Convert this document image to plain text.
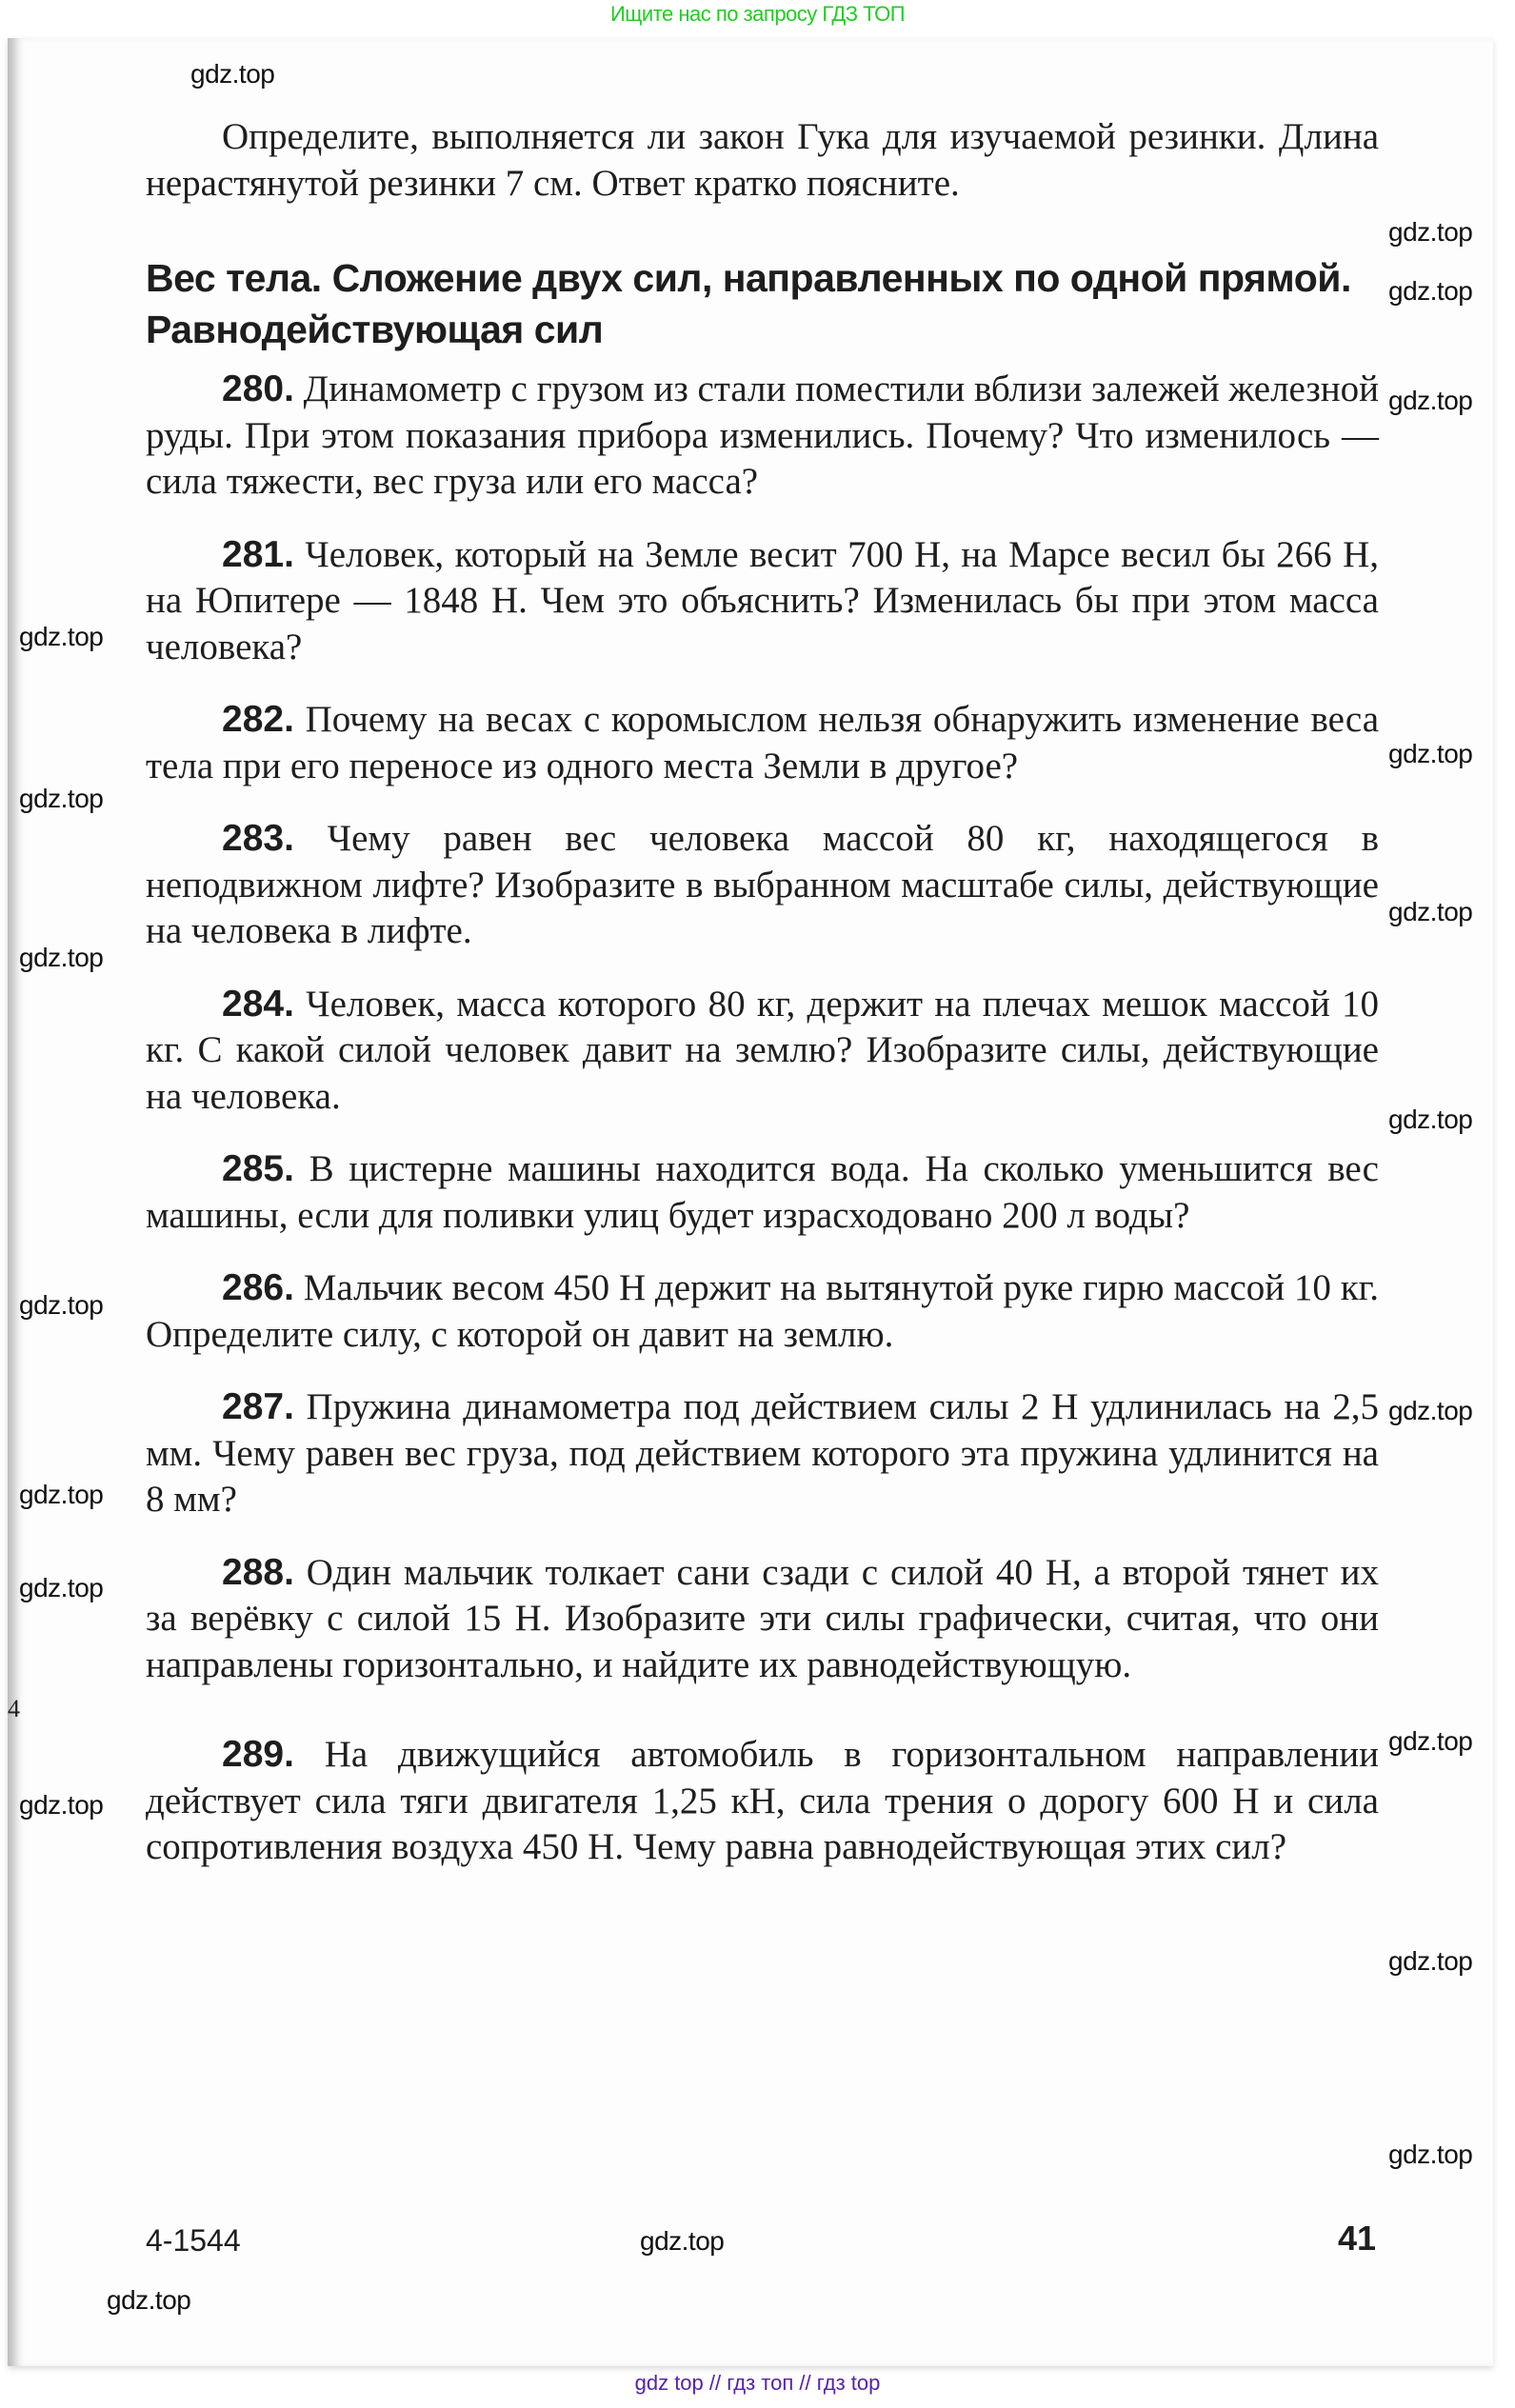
Ищите нас по запросу ГДЗ ТОП

Определите, выполняется ли закон Гука для изучаемой резинки. Длина нерастянутой резинки 7 см. Ответ кратко поясните.

Вес тела. Сложение двух сил, направленных по одной прямой. Равнодействующая сил

280. Динамометр с грузом из стали поместили вблизи залежей железной руды. При этом показания прибора изменились. Почему? Что изменилось — сила тяжести, вес груза или его масса?

281. Человек, который на Земле весит 700 Н, на Марсе весил бы 266 Н, на Юпитере — 1848 Н. Чем это объяснить? Изменилась бы при этом масса человека?

282. Почему на весах с коромыслом нельзя обнаружить изменение веса тела при его переносе из одного места Земли в другое?

283. Чему равен вес человека массой 80 кг, находящегося в неподвижном лифте? Изобразите в выбранном масштабе силы, действующие на человека в лифте.

284. Человек, масса которого 80 кг, держит на плечах мешок массой 10 кг. С какой силой человек давит на землю? Изобразите силы, действующие на человека.

285. В цистерне машины находится вода. На сколько уменьшится вес машины, если для поливки улиц будет израсходовано 200 л воды?

286. Мальчик весом 450 Н держит на вытянутой руке гирю массой 10 кг. Определите силу, с которой он давит на землю.

287. Пружина динамометра под действием силы 2 Н удлинилась на 2,5 мм. Чему равен вес груза, под действием которого эта пружина удлинится на 8 мм?

288. Один мальчик толкает сани сзади с силой 40 Н, а второй тянет их за верёвку с силой 15 Н. Изобразите эти силы графически, считая, что они направлены горизонтально, и найдите их равнодействующую.

289. На движущийся автомобиль в горизонтальном направлении действует сила тяги двигателя 1,25 кН, сила трения о дорогу 600 Н и сила сопротивления воздуха 450 Н. Чему равна равнодействующая этих сил?

4
4-1544	41
gdz.top
gdz.top
gdz.top
gdz.top
gdz.top
gdz.top
gdz.top
gdz.top
gdz.top
gdz.top
gdz.top
gdz.top
gdz.top
gdz.top
gdz.top
gdz.top
gdz.top
gdz.top
gdz.top
gdz.top
gdz top // гдз топ // гдз top
